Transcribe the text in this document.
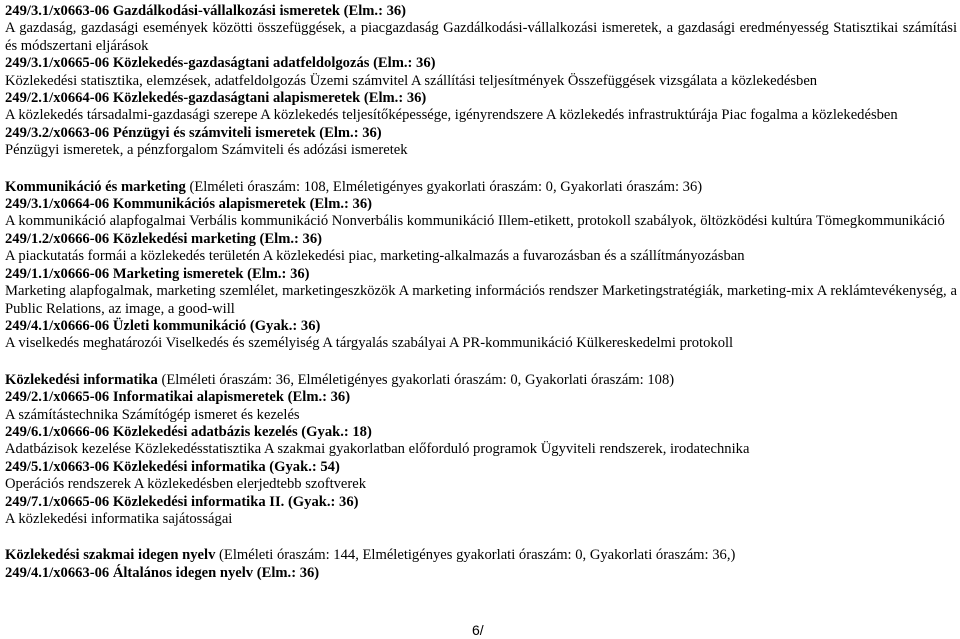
249/3.1/x0663-06 Gazdálkodási-vállalkozási ismeretek (Elm.: 36)
A gazdaság, gazdasági események közötti összefüggések, a piacgazdaság Gazdálkodási-vállalkozási ismeretek, a gazdasági eredményesség Statisztikai számítási és módszertani eljárások
249/3.1/x0665-06 Közlekedés-gazdaságtani adatfeldolgozás (Elm.: 36)
Közlekedési statisztika, elemzések, adatfeldolgozás Üzemi számvitel A szállítási teljesítmények Összefüggések vizsgálata a közlekedésben
249/2.1/x0664-06 Közlekedés-gazdaságtani alapismeretek (Elm.: 36)
A közlekedés társadalmi-gazdasági szerepe A közlekedés teljesítőképessége, igényrendszere A közlekedés infrastruktúrája Piac fogalma a közlekedésben
249/3.2/x0663-06 Pénzügyi és számviteli ismeretek (Elm.: 36)
Pénzügyi ismeretek, a pénzforgalom Számviteli és adózási ismeretek
Kommunikáció és marketing (Elméleti óraszám: 108, Elméletigényes gyakorlati óraszám: 0, Gyakorlati óraszám: 36)
249/3.1/x0664-06 Kommunikációs alapismeretek (Elm.: 36)
A kommunikáció alapfogalmai Verbális kommunikáció Nonverbális kommunikáció Illem-etikett, protokoll szabályok, öltözködési kultúra Tömegkommunikáció
249/1.2/x0666-06 Közlekedési marketing (Elm.: 36)
A piackutatás formái a közlekedés területén A közlekedési piac, marketing-alkalmazás a fuvarozásban és a szállítmányozásban
249/1.1/x0666-06 Marketing ismeretek (Elm.: 36)
Marketing alapfogalmak, marketing szemlélet, marketingeszközök A marketing információs rendszer Marketingstratégiák, marketing-mix A reklámtevékenység, a Public Relations, az image, a good-will
249/4.1/x0666-06 Üzleti kommunikáció (Gyak.: 36)
A viselkedés meghatározói Viselkedés és személyiség A tárgyalás szabályai A PR-kommunikáció Külkereskedelmi protokoll
Közlekedési informatika (Elméleti óraszám: 36, Elméletigényes gyakorlati óraszám: 0, Gyakorlati óraszám: 108)
249/2.1/x0665-06 Informatikai alapismeretek (Elm.: 36)
A számítástechnika Számítógép ismeret és kezelés
249/6.1/x0666-06 Közlekedési adatbázis kezelés (Gyak.: 18)
Adatbázisok kezelése Közlekedésstatisztika A szakmai gyakorlatban előforduló programok Ügyviteli rendszerek, irodatechnika
249/5.1/x0663-06 Közlekedési informatika (Gyak.: 54)
Operációs rendszerek A közlekedésben elerjedtebb szoftverek
249/7.1/x0665-06 Közlekedési informatika II. (Gyak.: 36)
A közlekedési informatika sajátosságai
Közlekedési szakmai idegen nyelv (Elméleti óraszám: 144, Elméletigényes gyakorlati óraszám: 0, Gyakorlati óraszám: 36,)
249/4.1/x0663-06 Általános idegen nyelv (Elm.: 36)
6/
